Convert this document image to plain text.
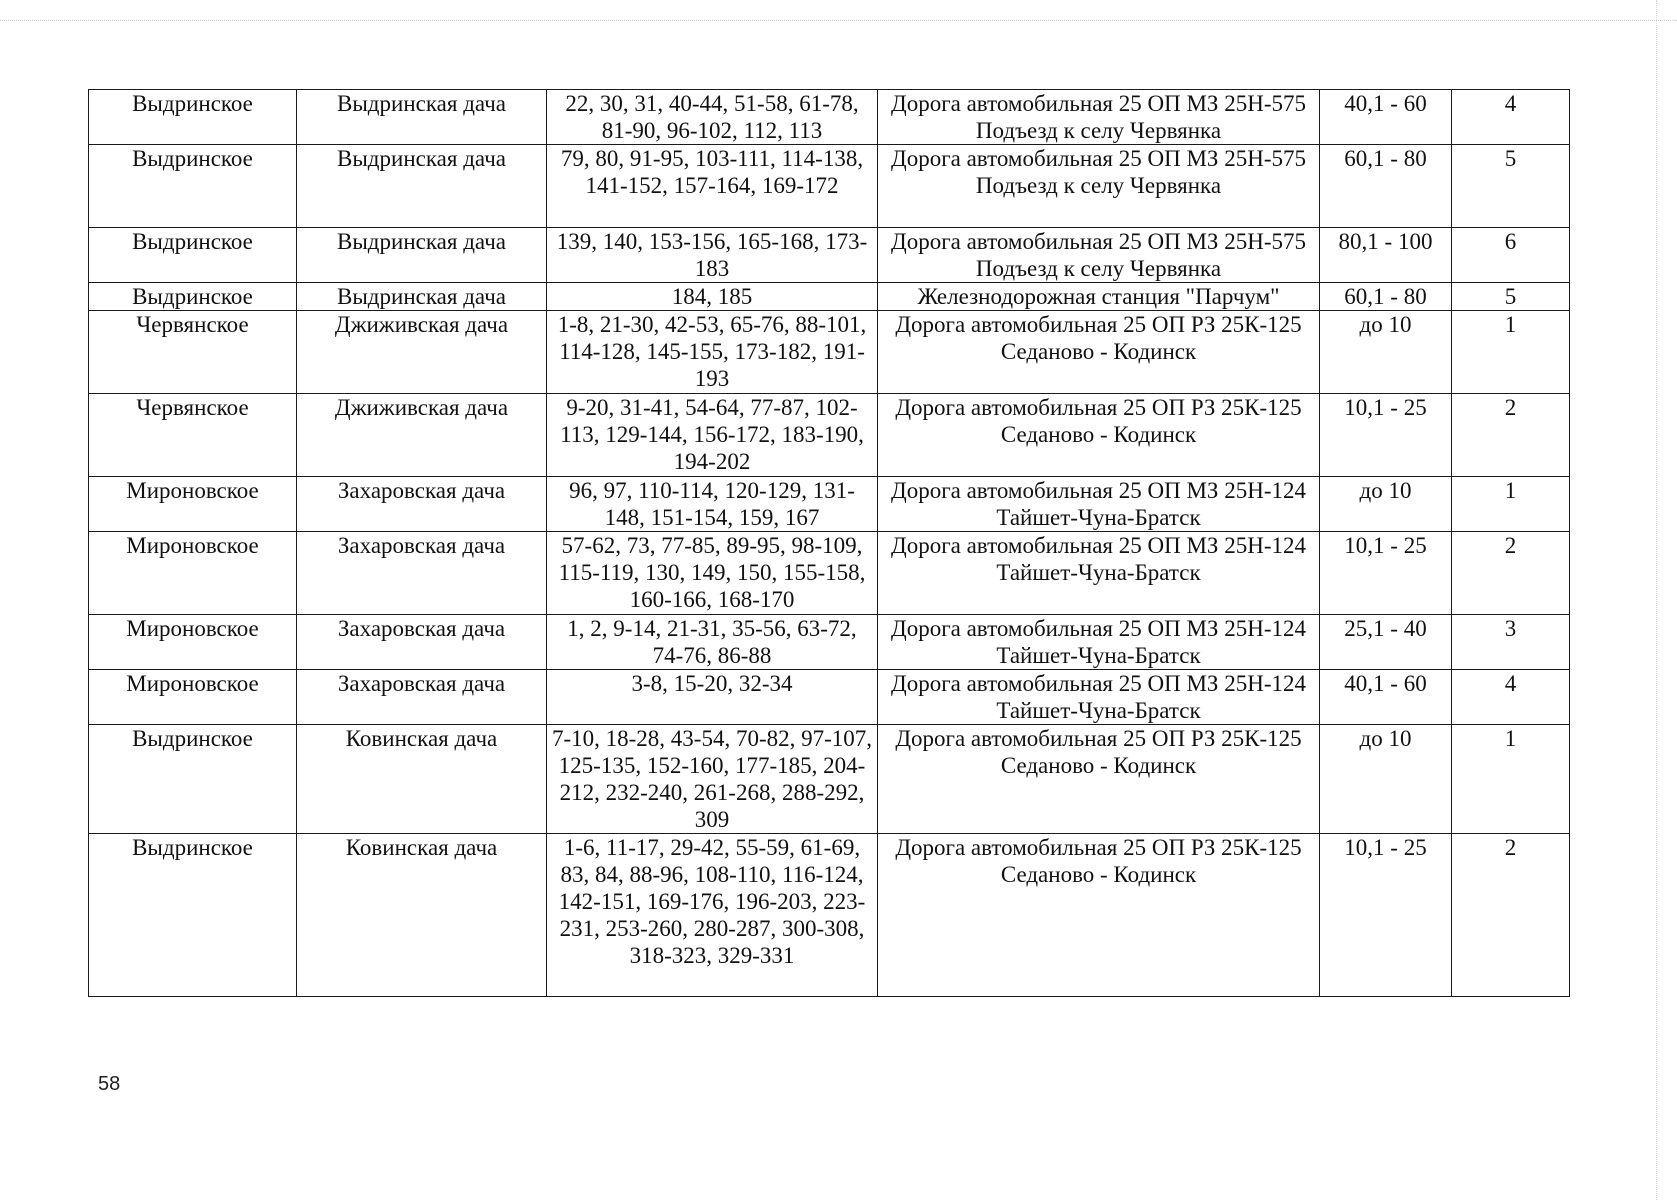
Выдринское	Выдринская дача	22, 30, 31, 40-44, 51-58, 61-78, 81-90, 96-102, 112, 113	Дорога автомобильная 25 ОП МЗ 25Н-575 Подъезд к селу Червянка	40,1 - 60	4
Выдринское	Выдринская дача	79, 80, 91-95, 103-111, 114-138, 141-152, 157-164, 169-172	Дорога автомобильная 25 ОП МЗ 25Н-575 Подъезд к селу Червянка	60,1 - 80	5
Выдринское	Выдринская дача	139, 140, 153-156, 165-168, 173-183	Дорога автомобильная 25 ОП МЗ 25Н-575 Подъезд к селу Червянка	80,1 - 100	6
Выдринское	Выдринская дача	184, 185	Железнодорожная станция "Парчум"	60,1 - 80	5
Червянское	Джиживская дача	1-8, 21-30, 42-53, 65-76, 88-101, 114-128, 145-155, 173-182, 191-193	Дорога автомобильная 25 ОП РЗ 25К-125 Седаново - Кодинск	до 10	1
Червянское	Джиживская дача	9-20, 31-41, 54-64, 77-87, 102-113, 129-144, 156-172, 183-190, 194-202	Дорога автомобильная 25 ОП РЗ 25К-125 Седаново - Кодинск	10,1 - 25	2
Мироновское	Захаровская дача	96, 97, 110-114, 120-129, 131-148, 151-154, 159, 167	Дорога автомобильная 25 ОП МЗ 25Н-124 Тайшет-Чуна-Братск	до 10	1
Мироновское	Захаровская дача	57-62, 73, 77-85, 89-95, 98-109, 115-119, 130, 149, 150, 155-158, 160-166, 168-170	Дорога автомобильная 25 ОП МЗ 25Н-124 Тайшет-Чуна-Братск	10,1 - 25	2
Мироновское	Захаровская дача	1, 2, 9-14, 21-31, 35-56, 63-72, 74-76, 86-88	Дорога автомобильная 25 ОП МЗ 25Н-124 Тайшет-Чуна-Братск	25,1 - 40	3
Мироновское	Захаровская дача	3-8, 15-20, 32-34	Дорога автомобильная 25 ОП МЗ 25Н-124 Тайшет-Чуна-Братск	40,1 - 60	4
Выдринское	Ковинская дача	7-10, 18-28, 43-54, 70-82, 97-107, 125-135, 152-160, 177-185, 204-212, 232-240, 261-268, 288-292, 309	Дорога автомобильная 25 ОП РЗ 25К-125 Седаново - Кодинск	до 10	1
Выдринское	Ковинская дача	1-6, 11-17, 29-42, 55-59, 61-69, 83, 84, 88-96, 108-110, 116-124, 142-151, 169-176, 196-203, 223-231, 253-260, 280-287, 300-308, 318-323, 329-331	Дорога автомобильная 25 ОП РЗ 25К-125 Седаново - Кодинск	10,1 - 25	2
58
